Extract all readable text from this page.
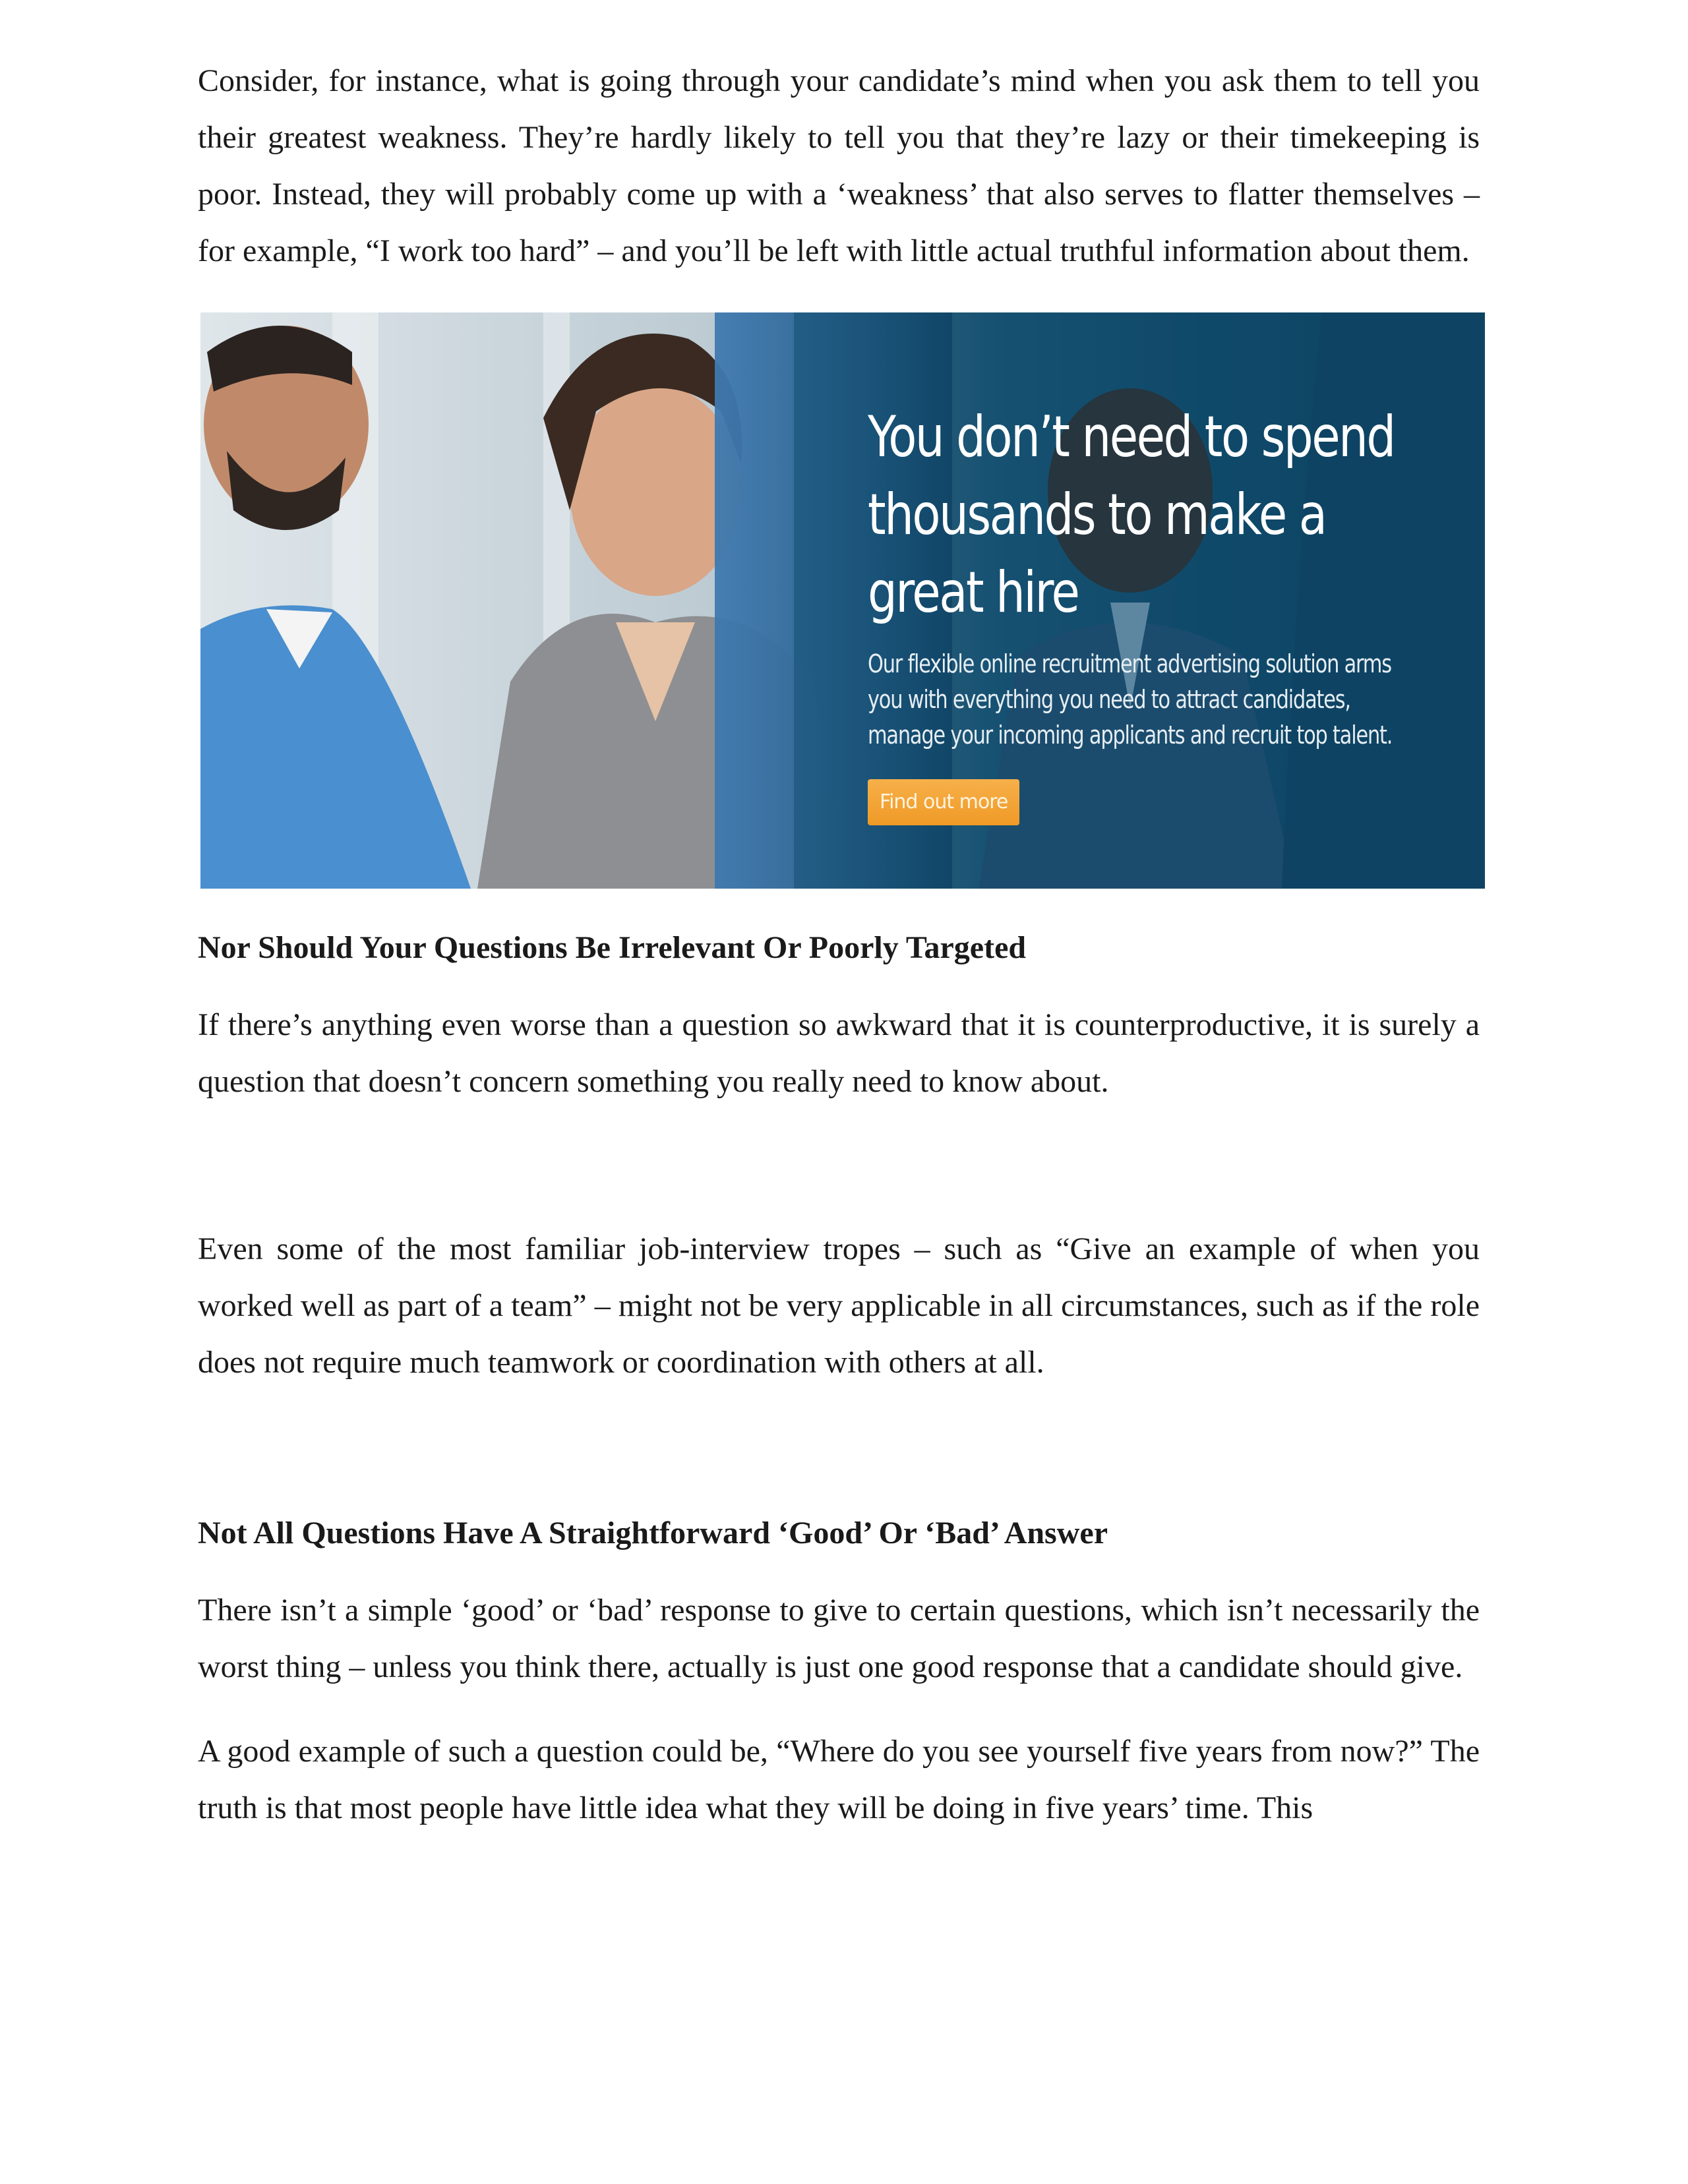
Consider, for instance, what is going through your candidate’s mind when you ask them to tell you their greatest weakness. They’re hardly likely to tell you that they’re lazy or their timekeeping is poor. Instead, they will probably come up with a ‘weakness’ that also serves to flatter themselves – for example, “I work too hard” – and you’ll be left with little actual truthful information about them.

You don’t need to spend
thousands to make a
great hire
Our flexible online recruitment advertising solution arms
you with everything you need to attract candidates,
manage your incoming applicants and recruit top talent.
Find out more

Nor Should Your Questions Be Irrelevant Or Poorly Targeted

If there’s anything even worse than a question so awkward that it is counterproductive, it is surely a question that doesn’t concern something you really need to know about.

Even some of the most familiar job-interview tropes – such as “Give an example of when you worked well as part of a team” – might not be very applicable in all circumstances, such as if the role does not require much teamwork or coordination with others at all.

Not All Questions Have A Straightforward ‘Good’ Or ‘Bad’ Answer

There isn’t a simple ‘good’ or ‘bad’ response to give to certain questions, which isn’t necessarily the worst thing – unless you think there, actually is just one good response that a candidate should give.

A good example of such a question could be, “Where do you see yourself five years from now?” The truth is that most people have little idea what they will be doing in five years’ time. This
